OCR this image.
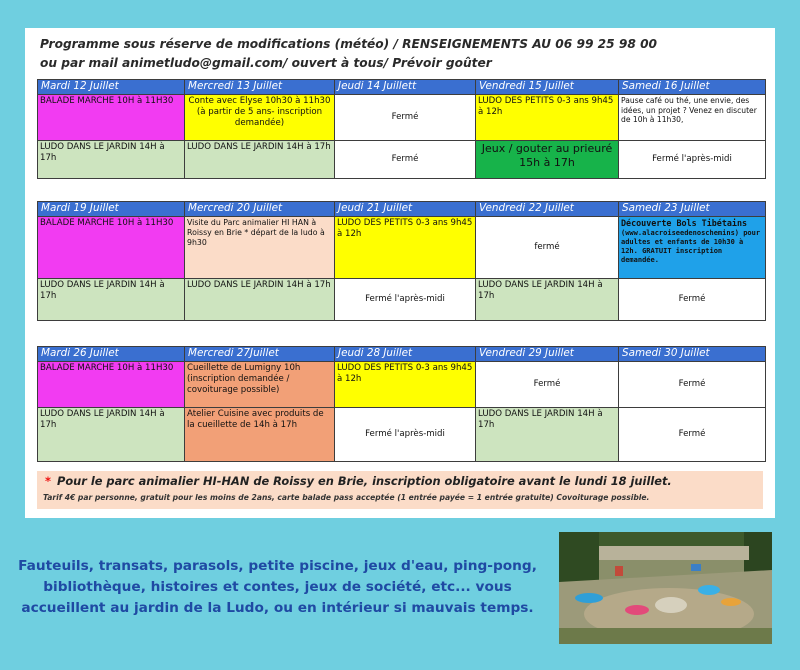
Programme sous réserve de modifications (météo) / RENSEIGNEMENTS AU 06 99 25 98 00
ou par mail animetludo@gmail.com/ ouvert à tous/ Prévoir goûter
Mardi 12 Juillet	Mercredi 13 Juillet	Jeudi 14 Juillett	Vendredi 15 Juillet	Samedi 16 Juillet
BALADE MARCHE 10H à 11H30	Conte avec Elyse 10h30 à 11h30 (à partir de 5 ans- inscription demandée)	Fermé	LUDO DES PETITS 0-3 ans 9h45 à 12h	Pause café ou thé, une envie, des idées, un projet ? Venez en discuter de 10h à 11h30,
LUDO DANS LE JARDIN 14H à 17h	LUDO DANS LE JARDIN 14H à 17h	Fermé	Jeux / gouter au prieuré 15h à 17h	Fermé l'après-midi
Mardi 19 Juillet	Mercredi 20 Juillet	Jeudi 21 Juillet	Vendredi 22 Juillet	Samedi 23 Juillet
BALADE MARCHE 10H à 11H30	Visite du Parc animalier HI HAN à Roissy en Brie * départ de la ludo à 9h30	LUDO DES PETITS 0-3 ans 9h45 à 12h	fermé	Découverte Bols Tibétains
(www.alacroiseedenoschemins) pour adultes et enfants de 10h30 à 12h. GRATUIT inscription demandée.

LUDO DANS LE JARDIN 14H à 17h	LUDO DANS LE JARDIN 14H à 17h	Fermé l'après-midi	LUDO DANS LE JARDIN 14H à 17h	Fermé
Mardi 26 Juillet	Mercredi 27Juillet	Jeudi 28 Juillet	Vendredi 29 Juillet	Samedi 30 Juillet
BALADE MARCHE 10H à 11H30	Cueillette de Lumigny 10h (inscription demandée / covoiturage possible)	LUDO DES PETITS 0-3 ans 9h45 à 12h	Fermé	Fermé
LUDO DANS LE JARDIN 14H à 17h	Atelier Cuisine avec produits de la cueillette de 14h à 17h	Fermé l'après-midi	LUDO DANS LE JARDIN 14H à 17h	Fermé
* Pour le parc animalier HI-HAN de Roissy en Brie, inscription obligatoire avant le lundi 18 juillet.
Tarif 4€ par personne, gratuit pour les moins de 2ans, carte balade pass acceptée (1 entrée payée = 1 entrée gratuite) Covoiturage possible.
Fauteuils, transats, parasols, petite piscine, jeux d'eau, ping-pong, bibliothèque, histoires et contes, jeux de société, etc... vous accueillent au jardin de la Ludo, ou en intérieur si mauvais temps.
